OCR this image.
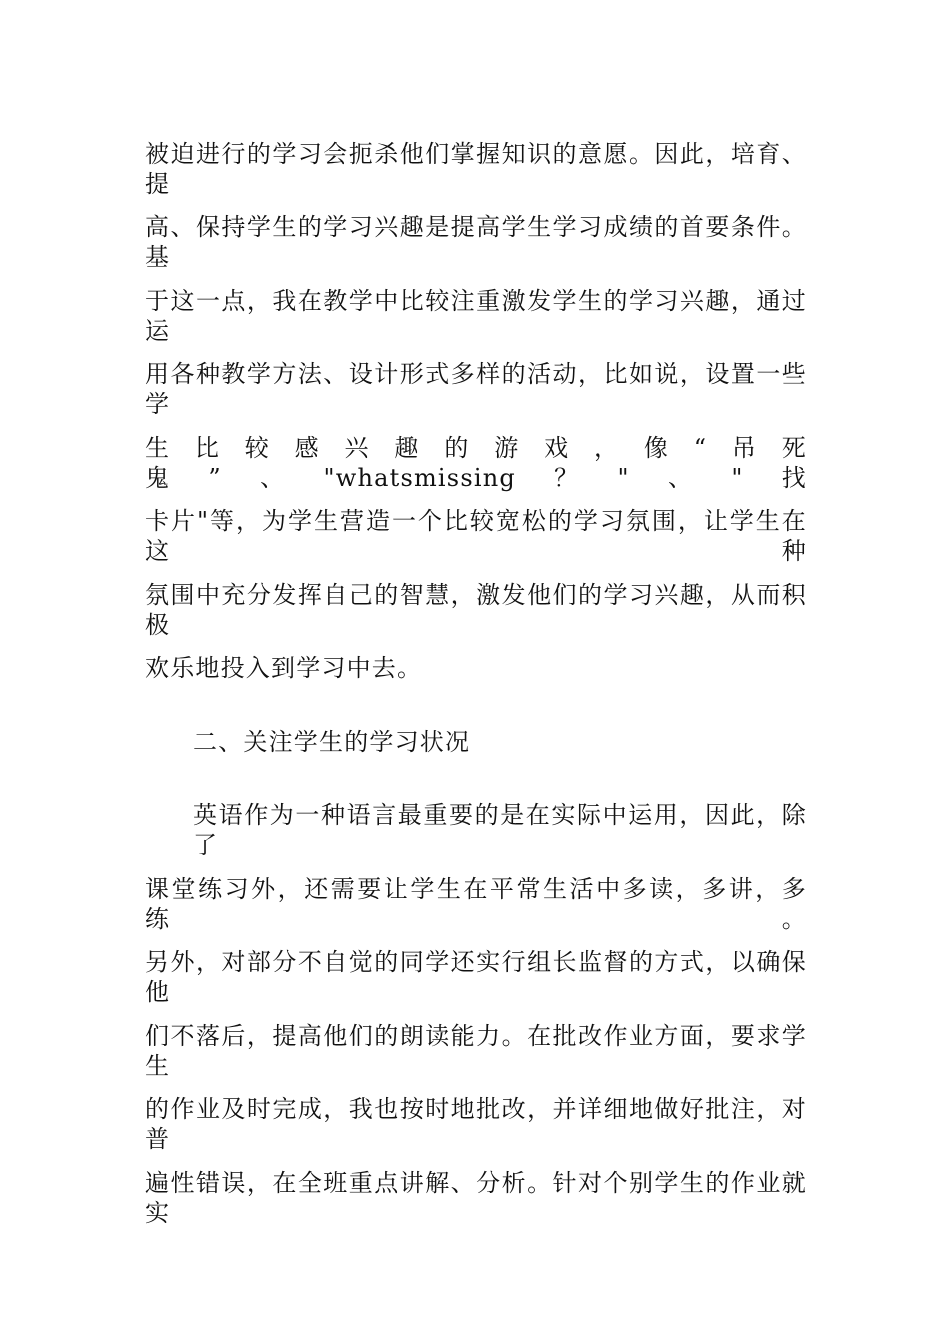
被迫进行的学习会扼杀他们掌握知识的意愿。因此，培育、提
高、保持学生的学习兴趣是提高学生学习成绩的首要条件。基
于这一点，我在教学中比较注重激发学生的学习兴趣，通过运
用各种教学方法、设计形式多样的活动，比如说，设置一些学
生比较感兴趣的游戏，像“吊死鬼”、"whatsmissing？"、"找
卡片"等，为学生营造一个比较宽松的学习氛围，让学生在这种
氛围中充分发挥自己的智慧，激发他们的学习兴趣，从而积极
欢乐地投入到学习中去。
二、关注学生的学习状况
英语作为一种语言最重要的是在实际中运用，因此，除了
课堂练习外，还需要让学生在平常生活中多读，多讲，多练。
另外，对部分不自觉的同学还实行组长监督的方式，以确保他
们不落后，提高他们的朗读能力。在批改作业方面，要求学生
的作业及时完成，我也按时地批改，并详细地做好批注，对普
遍性错误，在全班重点讲解、分析。针对个别学生的作业就实
